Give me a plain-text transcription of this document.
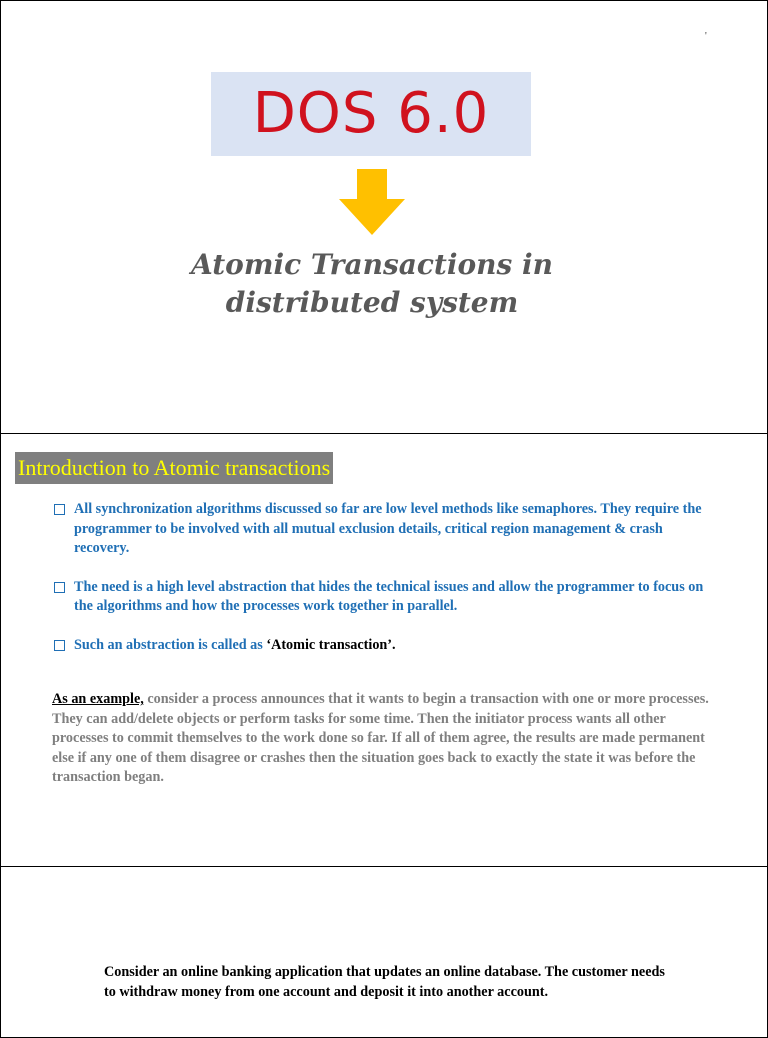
'
DOS 6.0
Atomic Transactions in
distributed system
Introduction to Atomic transactions
All synchronization algorithms discussed so far are low level methods like semaphores. They require the programmer to be involved with all mutual exclusion details, critical region management & crash recovery.
The need is a high level abstraction that hides the technical issues and allow the programmer to focus on the algorithms and how the processes work together in parallel.
Such an abstraction is called as ‘Atomic transaction’.

As an example, consider a process announces that it wants to begin a transaction with one or more processes. They can add/delete objects or perform tasks for some time. Then the initiator process wants all other processes to commit themselves to the work done so far. If all of them agree, the results are made permanent else if any one of them disagree or crashes then the situation goes back to exactly the state it was before the transaction began.

Consider an online banking application that updates an online database. The customer needs to withdraw money from one account and deposit it into another account.
